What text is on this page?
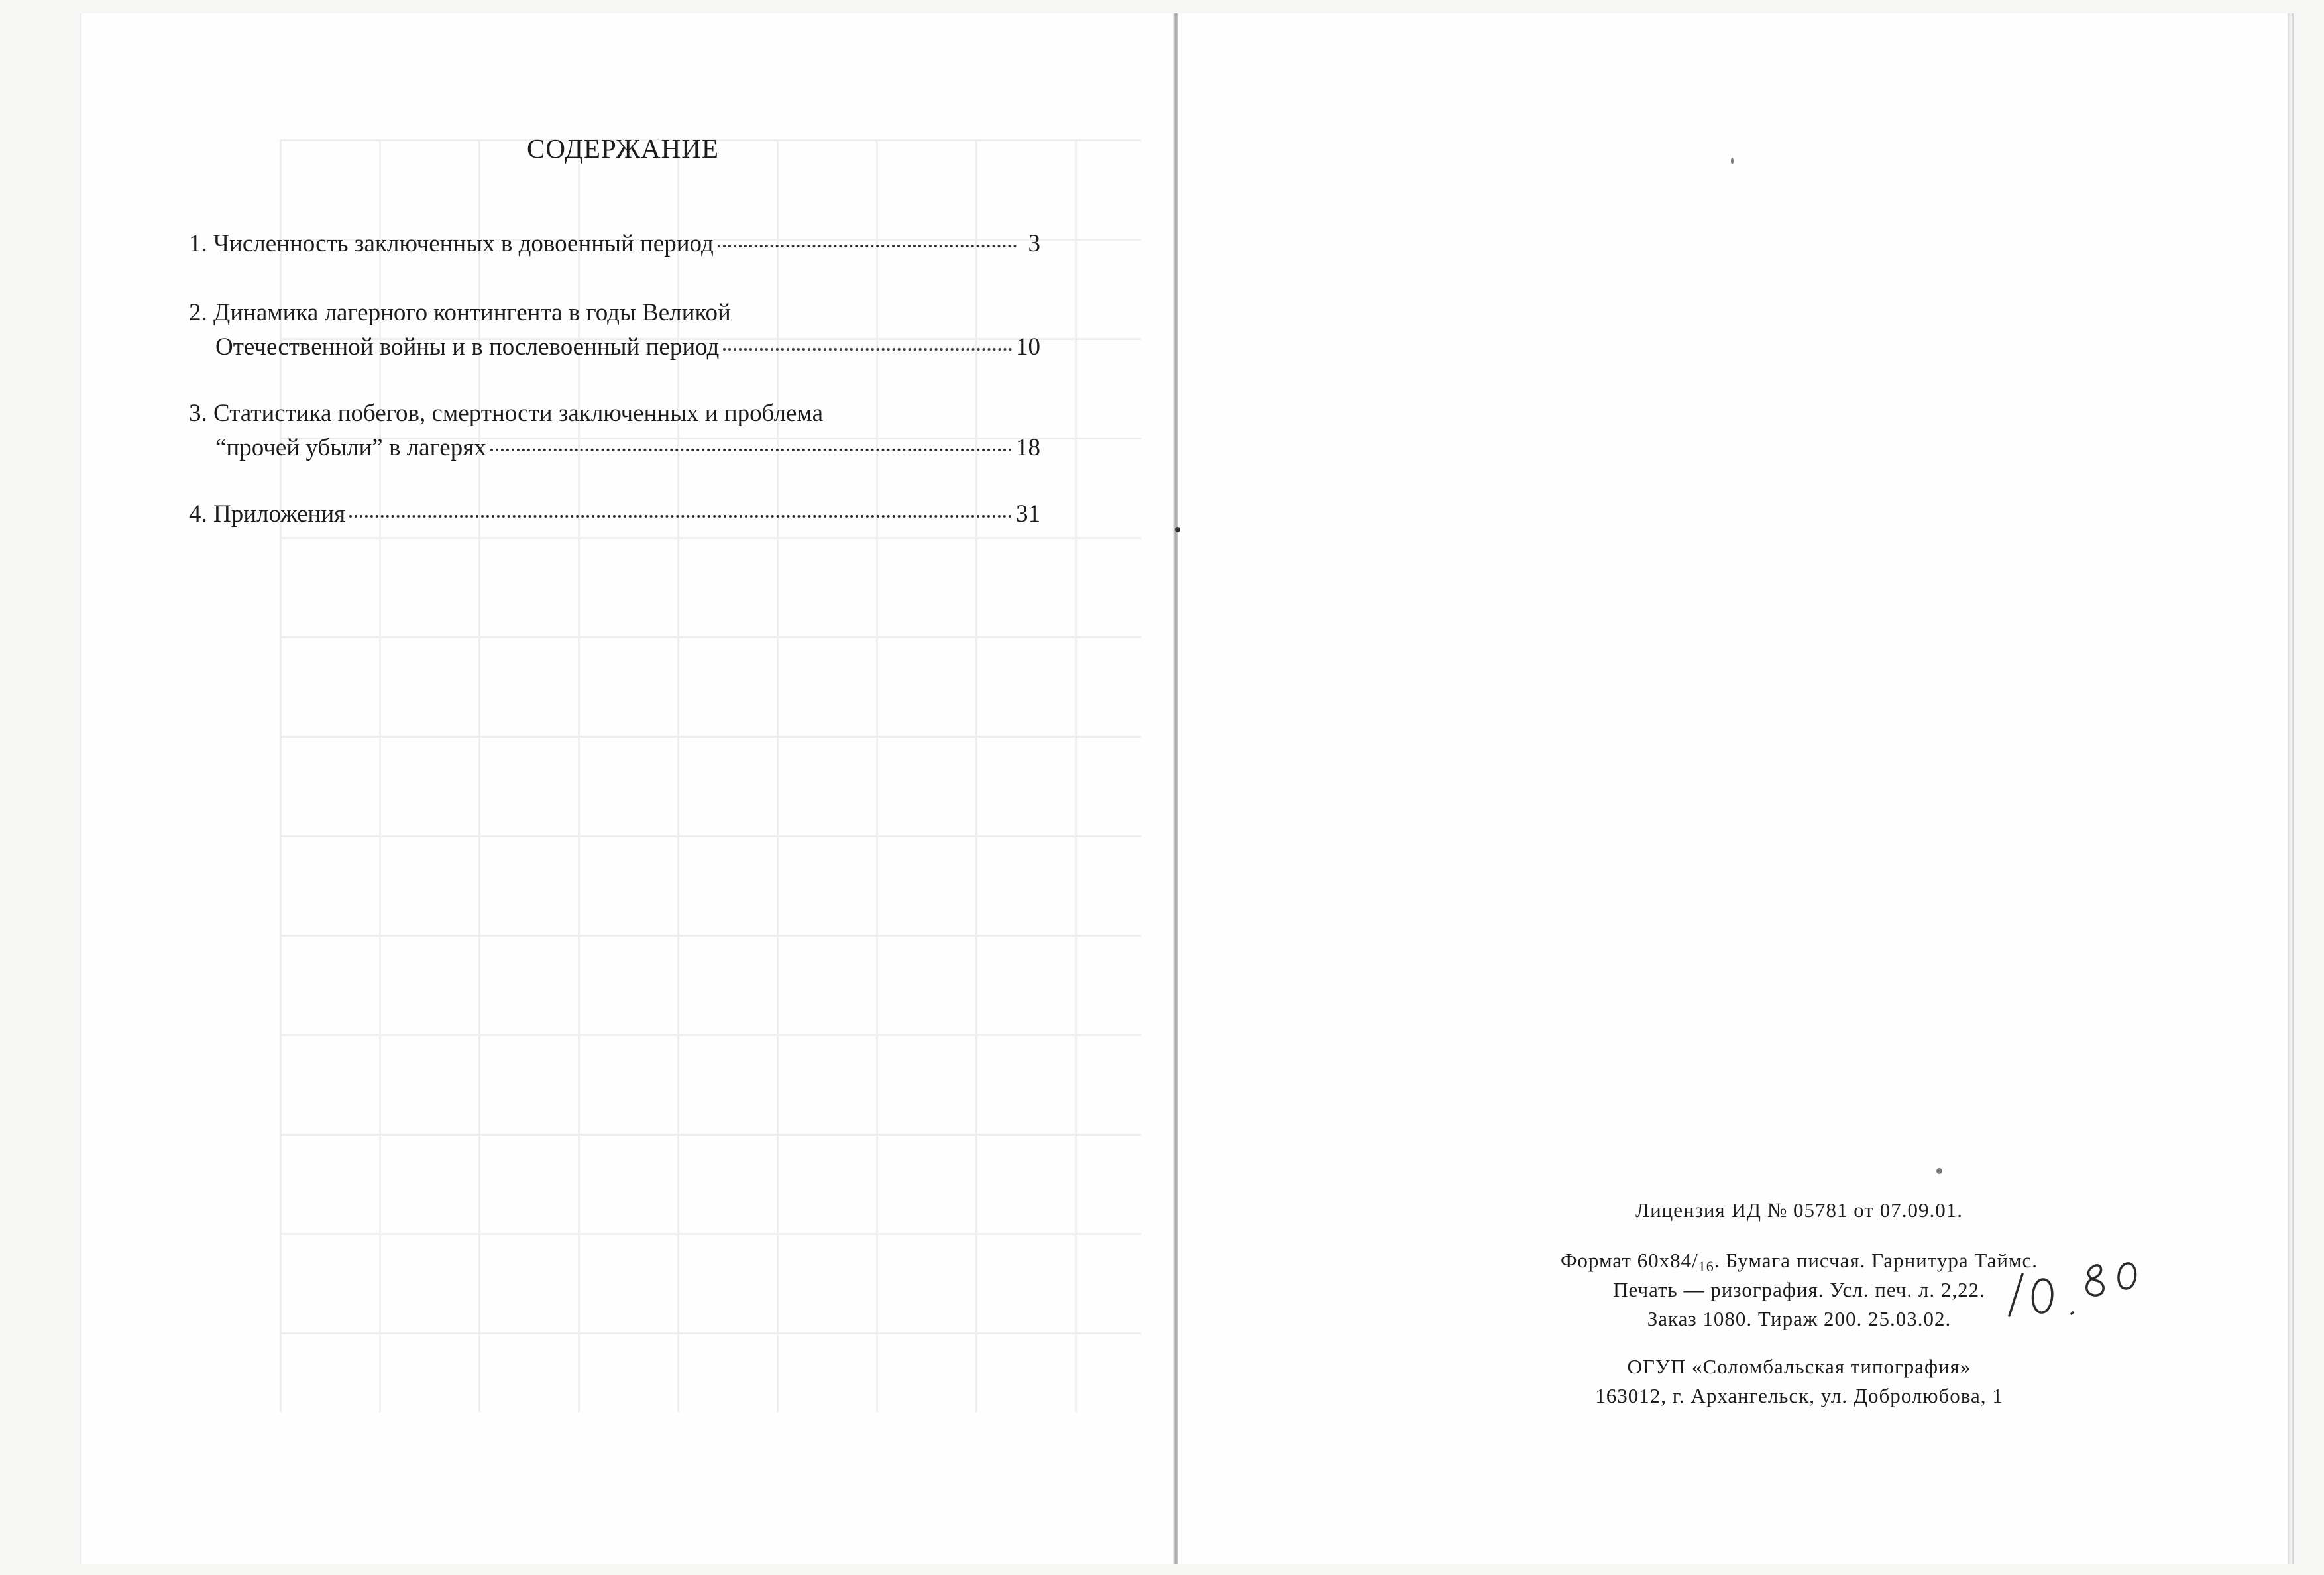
СОДЕРЖАНИЕ
1. Численность заключенных в довоенный период	3
2. Динамика лагерного контингента в годы Великой
Отечественной войны и в послевоенный период	10
3. Статистика побегов, смертности заключенных и проблема
“прочей убыли” в лагерях	18
4. Приложения	31
Лицензия ИД № 05781 от 07.09.01.
Формат 60x84/16. Бумага писчая. Гарнитура Таймс.
Печать — ризография. Усл. печ. л. 2,22.
Заказ 1080. Тираж 200. 25.03.02.
ОГУП «Соломбальская типография»
163012, г. Архангельск, ул. Добролюбова, 1
